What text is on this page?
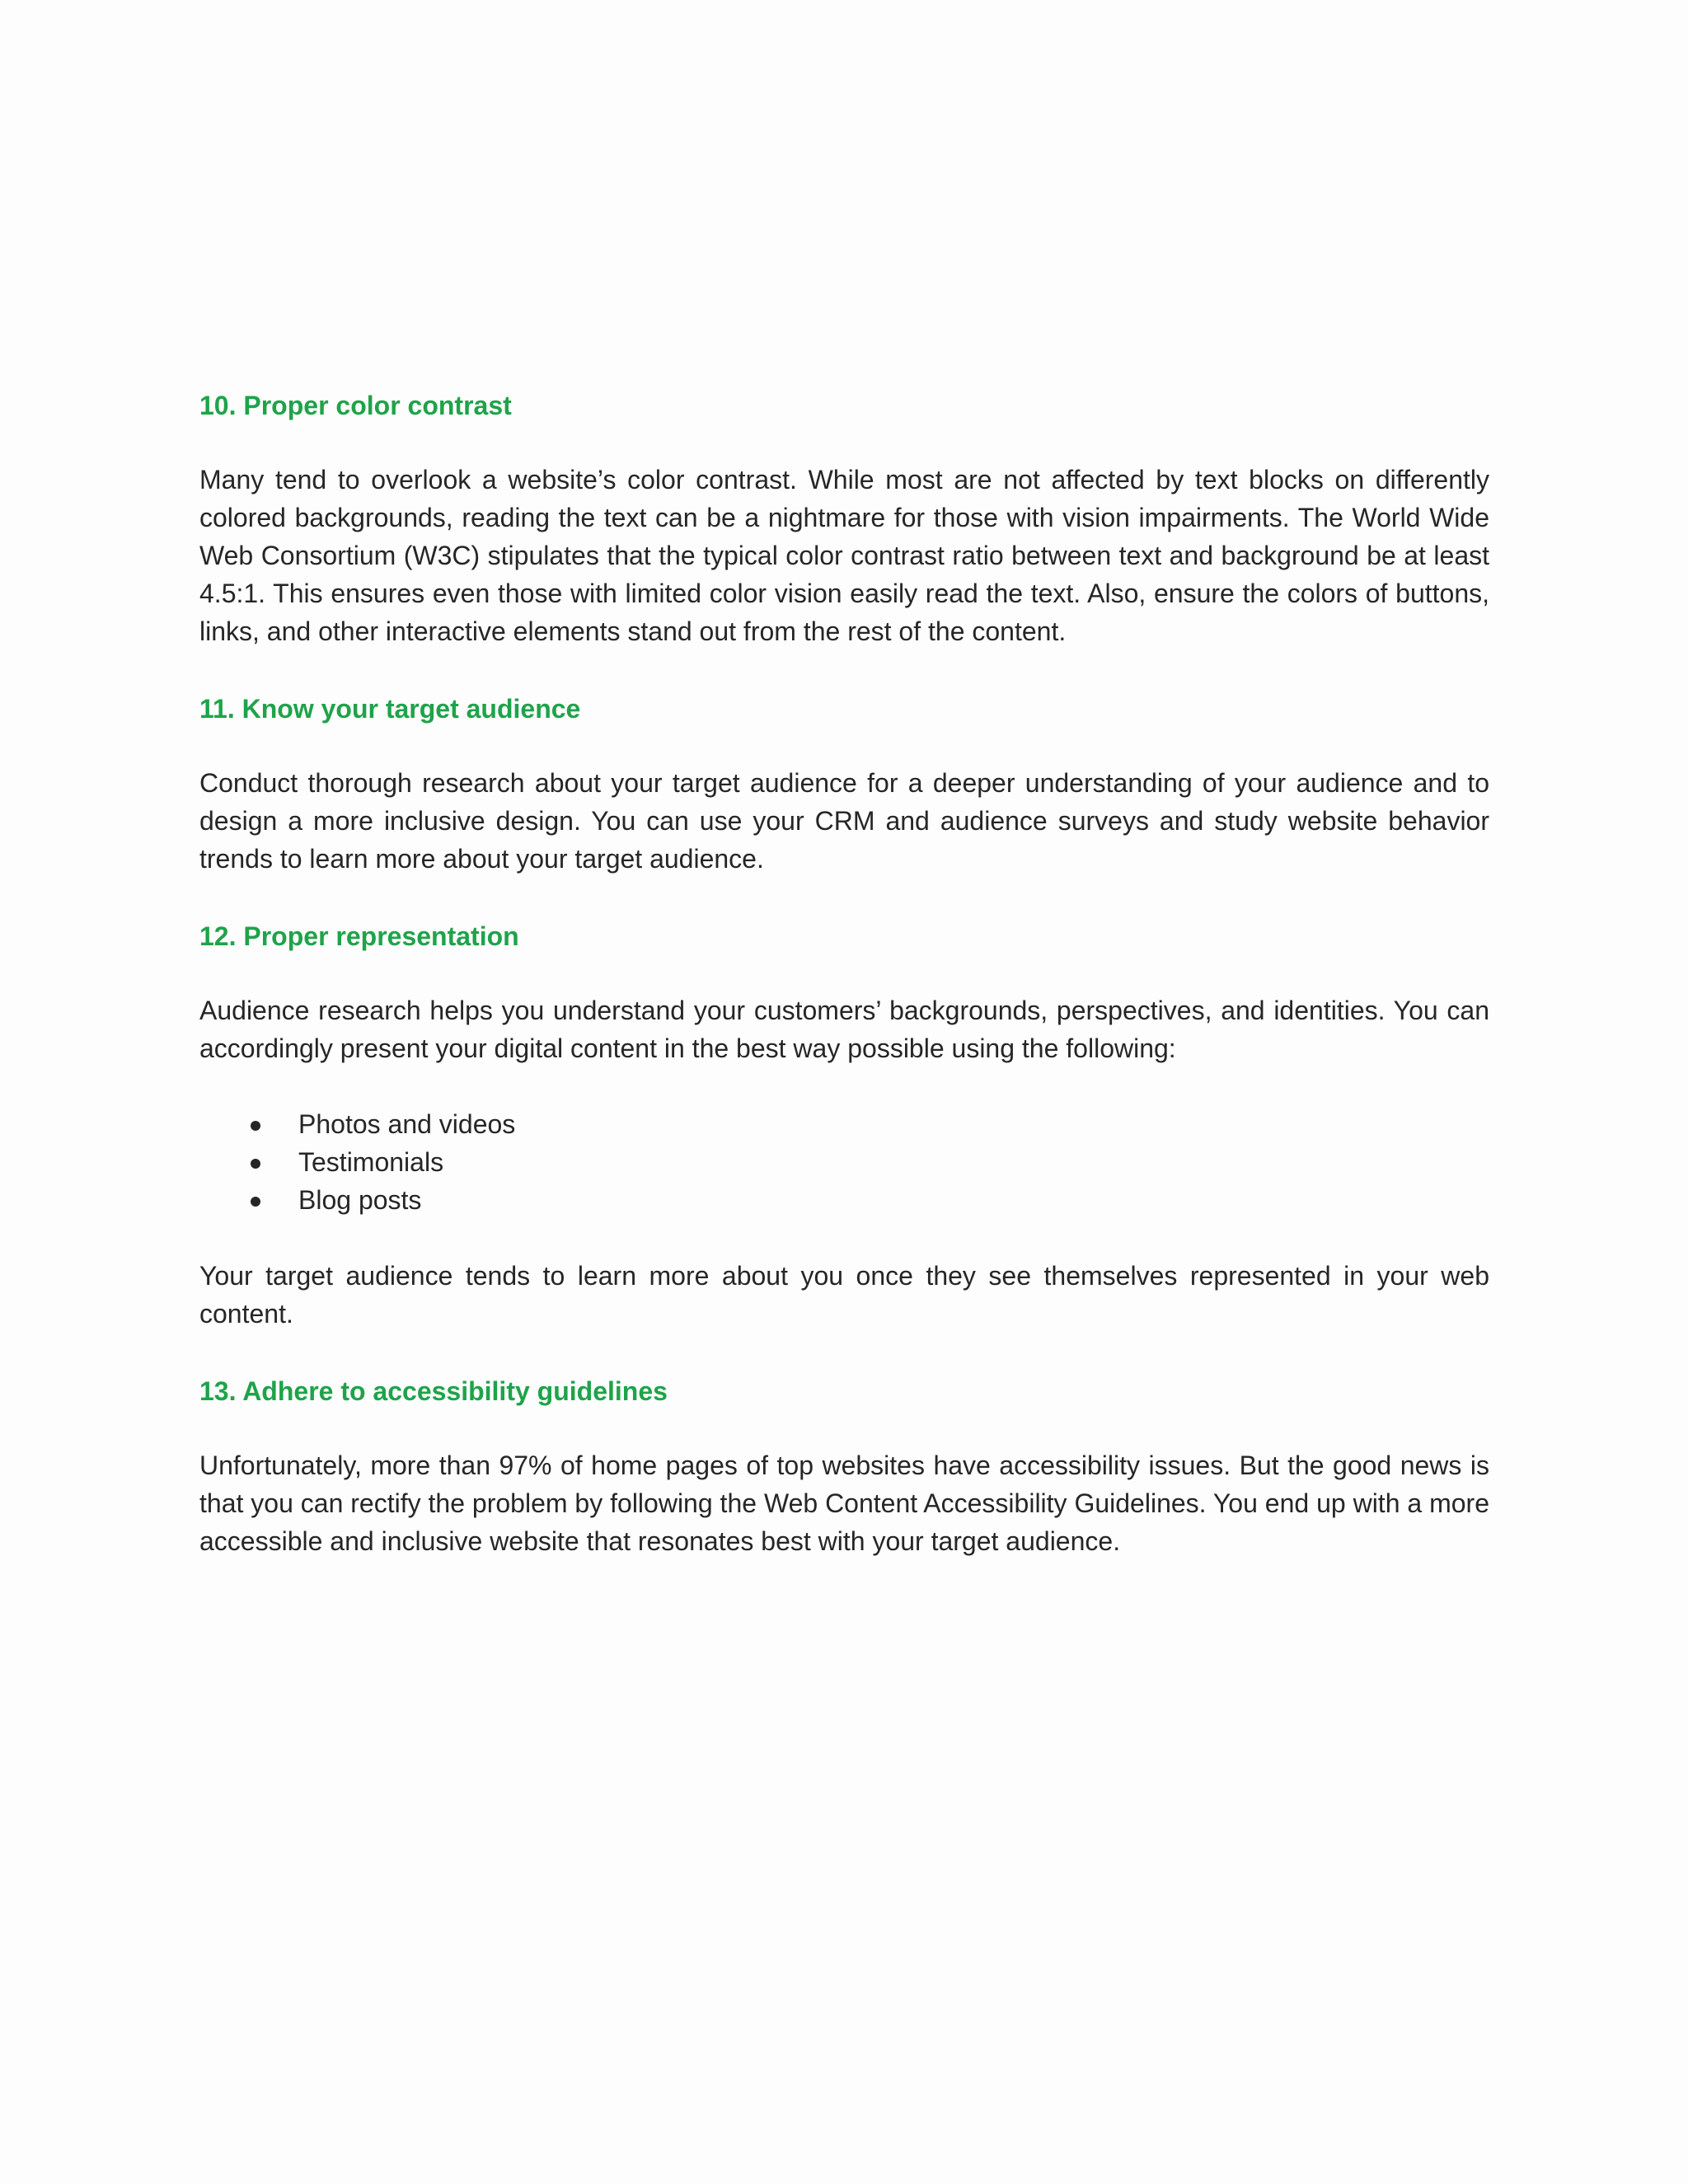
10. Proper color contrast

Many tend to overlook a website’s color contrast. While most are not affected by text blocks on differently colored backgrounds, reading the text can be a nightmare for those with vision impairments. The World Wide Web Consortium (W3C) stipulates that the typical color contrast ratio between text and background be at least 4.5:1. This ensures even those with limited color vision easily read the text. Also, ensure the colors of buttons, links, and other interactive elements stand out from the rest of the content.

11. Know your target audience

Conduct thorough research about your target audience for a deeper understanding of your audience and to design a more inclusive design. You can use your CRM and audience surveys and study website behavior trends to learn more about your target audience.

12. Proper representation

Audience research helps you understand your customers’ backgrounds, perspectives, and identities. You can accordingly present your digital content in the best way possible using the following:

Photos and videos
Testimonials
Blog posts

Your target audience tends to learn more about you once they see themselves represented in your web content.

13. Adhere to accessibility guidelines

Unfortunately, more than 97% of home pages of top websites have accessibility issues. But the good news is that you can rectify the problem by following the Web Content Accessibility Guidelines. You end up with a more accessible and inclusive website that resonates best with your target audience.
